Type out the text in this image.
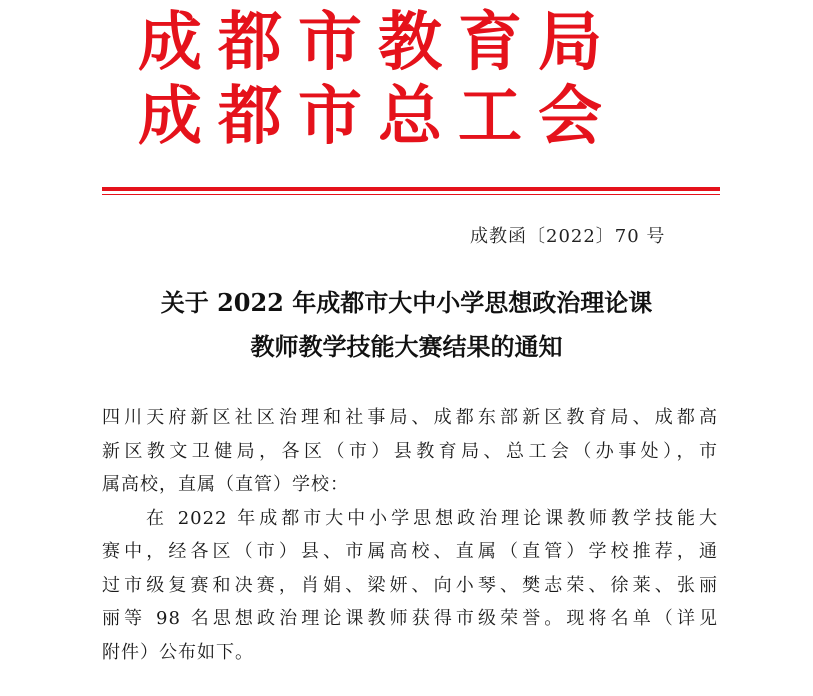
成都市教育局
成都市总工会
成教函〔2022〕70 号
关于 2022 年成都市大中小学思想政治理论课
教师教学技能大赛结果的通知
四川天府新区社区治理和社事局、成都东部新区教育局、成都高
新区教文卫健局，各区（市）县教育局、总工会（办事处），市
属高校，直属（直管）学校：
在 2022 年成都市大中小学思想政治理论课教师教学技能大
赛中，经各区（市）县、市属高校、直属（直管）学校推荐，通
过市级复赛和决赛，肖娟、梁妍、向小琴、樊志荣、徐莱、张丽
丽等 98 名思想政治理论课教师获得市级荣誉。现将名单（详见
附件）公布如下。
